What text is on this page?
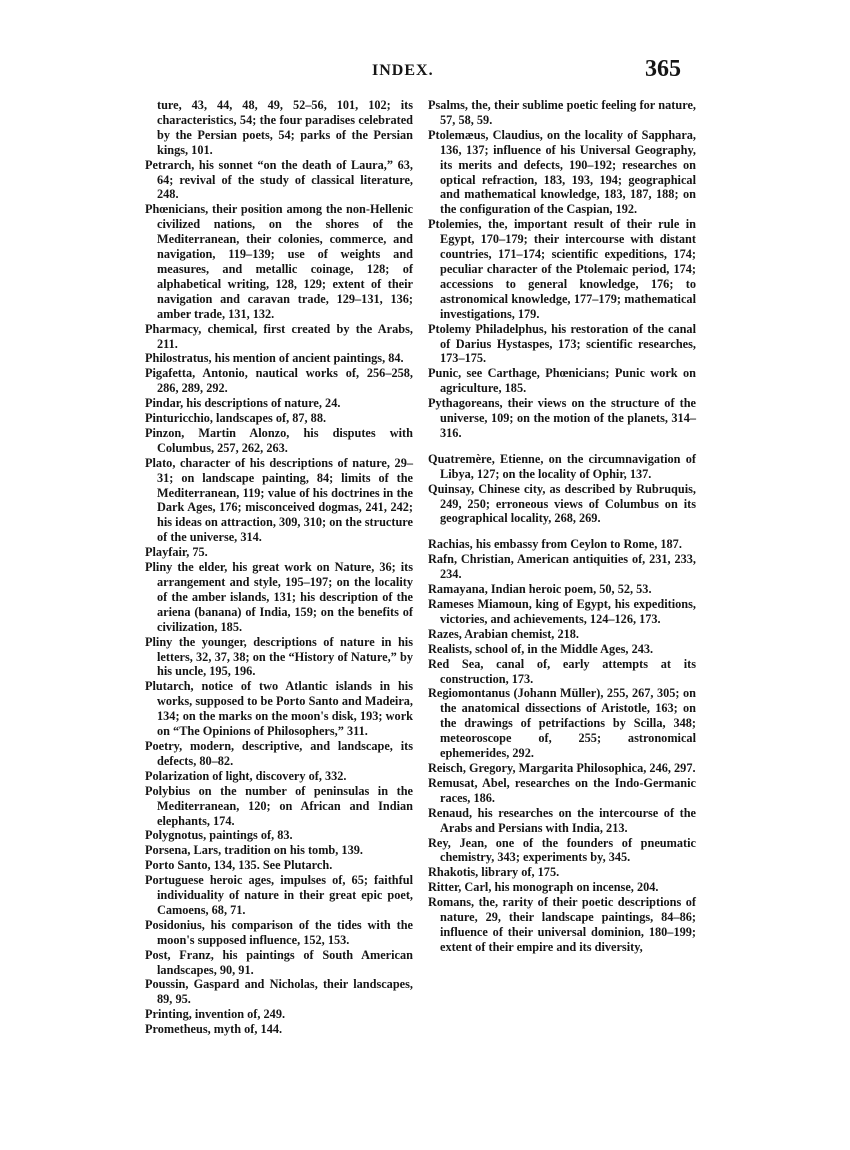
INDEX.	365

ture, 43, 44, 48, 49, 52–56, 101, 102; its characteristics, 54; the four paradises celebrated by the Persian poets, 54; parks of the Persian kings, 101.

Petrarch, his sonnet “on the death of Laura,” 63, 64; revival of the study of classical literature, 248.

Phœnicians, their position among the non-Hellenic civilized nations, on the shores of the Mediterranean, their colonies, commerce, and navigation, 119–139; use of weights and measures, and metallic coinage, 128; of alphabetical writing, 128, 129; extent of their navigation and caravan trade, 129–131, 136; amber trade, 131, 132.

Pharmacy, chemical, first created by the Arabs, 211.

Philostratus, his mention of ancient paintings, 84.

Pigafetta, Antonio, nautical works of, 256–258, 286, 289, 292.

Pindar, his descriptions of nature, 24.

Pinturicchio, landscapes of, 87, 88.

Pinzon, Martin Alonzo, his disputes with Columbus, 257, 262, 263.

Plato, character of his descriptions of nature, 29–31; on landscape painting, 84; limits of the Mediterranean, 119; value of his doctrines in the Dark Ages, 176; misconceived dogmas, 241, 242; his ideas on attraction, 309, 310; on the structure of the universe, 314.

Playfair, 75.

Pliny the elder, his great work on Nature, 36; its arrangement and style, 195–197; on the locality of the amber islands, 131; his description of the ariena (banana) of India, 159; on the benefits of civilization, 185.

Pliny the younger, descriptions of nature in his letters, 32, 37, 38; on the “History of Nature,” by his uncle, 195, 196.

Plutarch, notice of two Atlantic islands in his works, supposed to be Porto Santo and Madeira, 134; on the marks on the moon's disk, 193; work on “The Opinions of Philosophers,” 311.

Poetry, modern, descriptive, and landscape, its defects, 80–82.

Polarization of light, discovery of, 332.

Polybius on the number of peninsulas in the Mediterranean, 120; on African and Indian elephants, 174.

Polygnotus, paintings of, 83.

Porsena, Lars, tradition on his tomb, 139.

Porto Santo, 134, 135. See Plutarch.

Portuguese heroic ages, impulses of, 65; faithful individuality of nature in their great epic poet, Camoens, 68, 71.

Posidonius, his comparison of the tides with the moon's supposed influence, 152, 153.

Post, Franz, his paintings of South American landscapes, 90, 91.

Poussin, Gaspard and Nicholas, their landscapes, 89, 95.

Printing, invention of, 249.

Prometheus, myth of, 144.

Psalms, the, their sublime poetic feeling for nature, 57, 58, 59.

Ptolemæus, Claudius, on the locality of Sapphara, 136, 137; influence of his Universal Geography, its merits and defects, 190–192; researches on optical refraction, 183, 193, 194; geographical and mathematical knowledge, 183, 187, 188; on the configuration of the Caspian, 192.

Ptolemies, the, important result of their rule in Egypt, 170–179; their intercourse with distant countries, 171–174; scientific expeditions, 174; peculiar character of the Ptolemaic period, 174; accessions to general knowledge, 176; to astronomical knowledge, 177–179; mathematical investigations, 179.

Ptolemy Philadelphus, his restoration of the canal of Darius Hystaspes, 173; scientific researches, 173–175.

Punic, see Carthage, Phœnicians; Punic work on agriculture, 185.

Pythagoreans, their views on the structure of the universe, 109; on the motion of the planets, 314–316.

Quatremère, Etienne, on the circumnavigation of Libya, 127; on the locality of Ophir, 137.

Quinsay, Chinese city, as described by Rubruquis, 249, 250; erroneous views of Columbus on its geographical locality, 268, 269.

Rachias, his embassy from Ceylon to Rome, 187.

Rafn, Christian, American antiquities of, 231, 233, 234.

Ramayana, Indian heroic poem, 50, 52, 53.

Rameses Miamoun, king of Egypt, his expeditions, victories, and achievements, 124–126, 173.

Razes, Arabian chemist, 218.

Realists, school of, in the Middle Ages, 243.

Red Sea, canal of, early attempts at its construction, 173.

Regiomontanus (Johann Müller), 255, 267, 305; on the anatomical dissections of Aristotle, 163; on the drawings of petrifactions by Scilla, 348; meteoroscope of, 255; astronomical ephemerides, 292.

Reisch, Gregory, Margarita Philosophica, 246, 297.

Remusat, Abel, researches on the Indo-Germanic races, 186.

Renaud, his researches on the intercourse of the Arabs and Persians with India, 213.

Rey, Jean, one of the founders of pneumatic chemistry, 343; experiments by, 345.

Rhakotis, library of, 175.

Ritter, Carl, his monograph on incense, 204.

Romans, the, rarity of their poetic descriptions of nature, 29, their landscape paintings, 84–86; influence of their universal dominion, 180–199; extent of their empire and its diversity,
